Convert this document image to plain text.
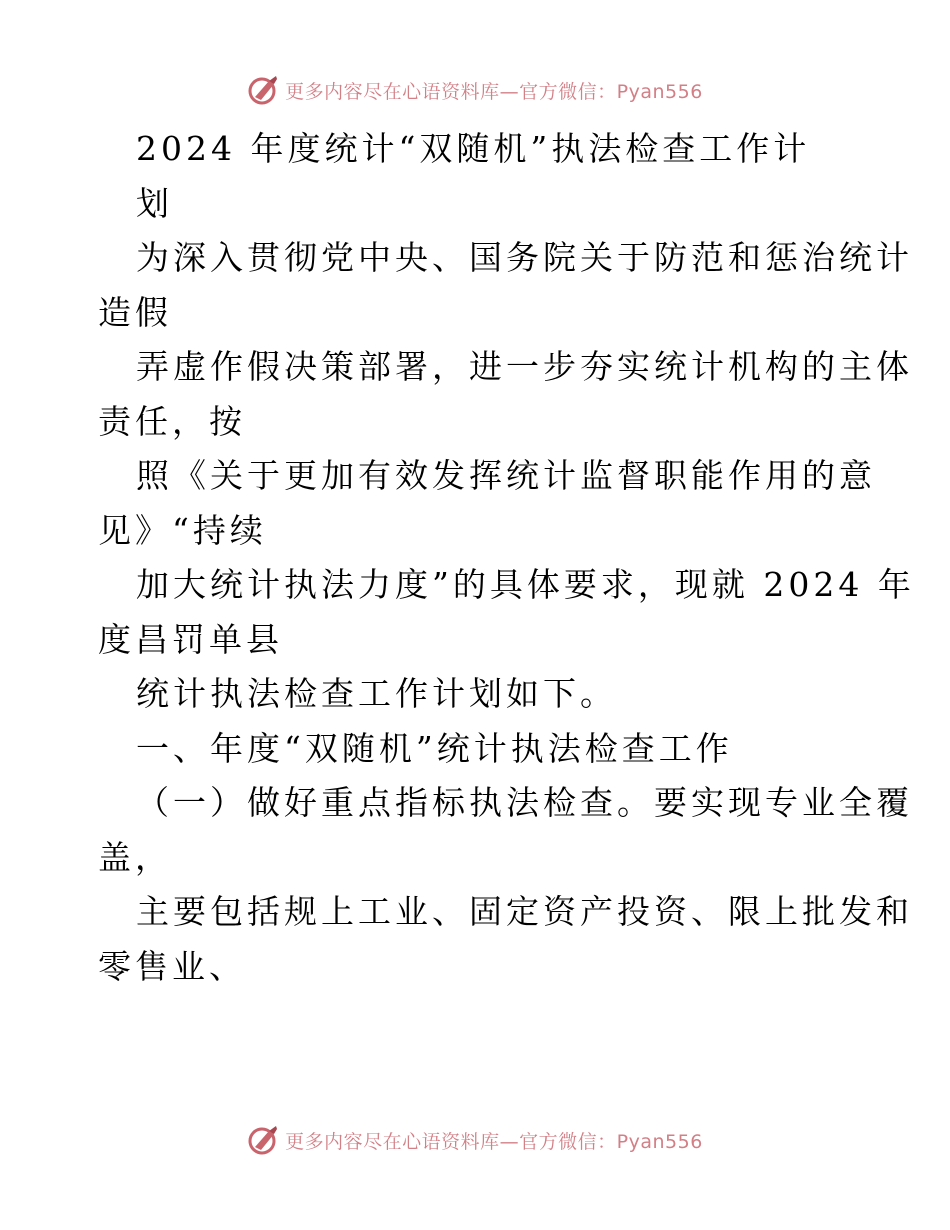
更多内容尽在心语资料库—官方微信：Pyan556
2024 年度统计“双随机”执法检查工作计
划
为深入贯彻党中央、国务院关于防范和惩治统计
造假
弄虚作假决策部署，进一步夯实统计机构的主体
责任，按
照《关于更加有效发挥统计监督职能作用的意
见》“持续
加大统计执法力度”的具体要求，现就 2024 年
度昌罚单县
统计执法检查工作计划如下。
一、年度“双随机”统计执法检查工作
（一）做好重点指标执法检查。要实现专业全覆
盖，
主要包括规上工业、固定资产投资、限上批发和
零售业、
更多内容尽在心语资料库—官方微信：Pyan556
